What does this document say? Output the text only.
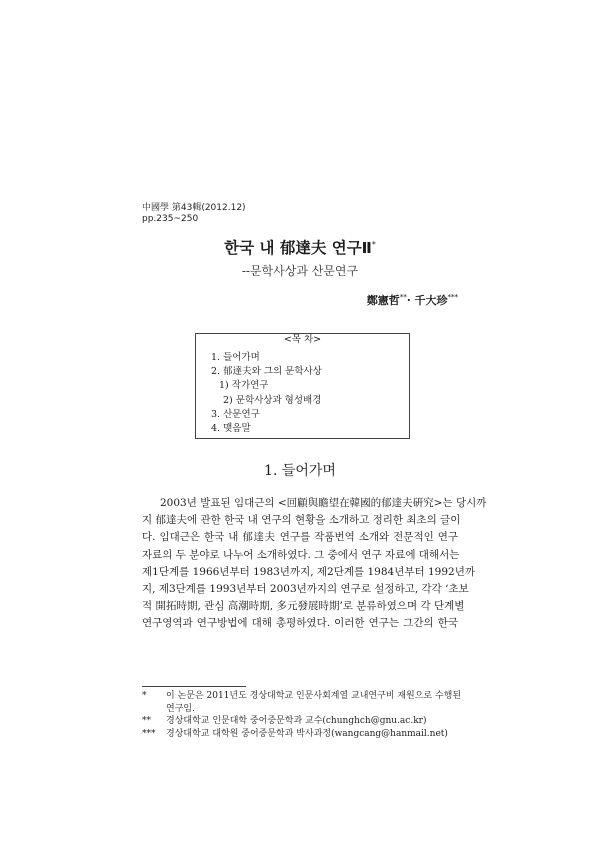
中國學 第43輯(2012.12)
pp.235~250
한국 내 郁達夫 연구Ⅱ*
--문학사상과 산문연구
鄭憲哲**· 千大珍***
<목 차>
1. 들어가며
2. 郁達夫와 그의 문학사상
1) 작가연구
2) 문학사상과 형성배경
3. 산문연구
4. 맺음말
1. 들어가며
2003년 발표된 임대근의 <回顧與瞻望在韓國的郁達夫硏究>는 당시까
지 郁達夫에 관한 한국 내 연구의 현황을 소개하고 정리한 최초의 글이
다. 임대근은 한국 내 郁達夫 연구를 작품번역 소개와 전문적인 연구
자료의 두 분야로 나누어 소개하였다. 그 중에서 연구 자료에 대해서는
제1단계를 1966년부터 1983년까지, 제2단계를 1984년부터 1992년까
지, 제3단계를 1993년부터 2003년까지의 연구로 설정하고, 각각 ‘초보
적 開拓時期, 관심 高潮時期, 多元發展時期’로 분류하였으며 각 단계별
연구영역과 연구방법에 대해 총평하였다. 이러한 연구는 그간의 한국
*	이 논문은 2011년도 경상대학교 인문사회계열 교내연구비 재원으로 수행된
연구임.
**	경상대학교 인문대학 중어중문학과 교수(chunghch@gnu.ac.kr)
***	경상대학교 대학원 중어중문학과 박사과정(wangcang@hanmail.net)
